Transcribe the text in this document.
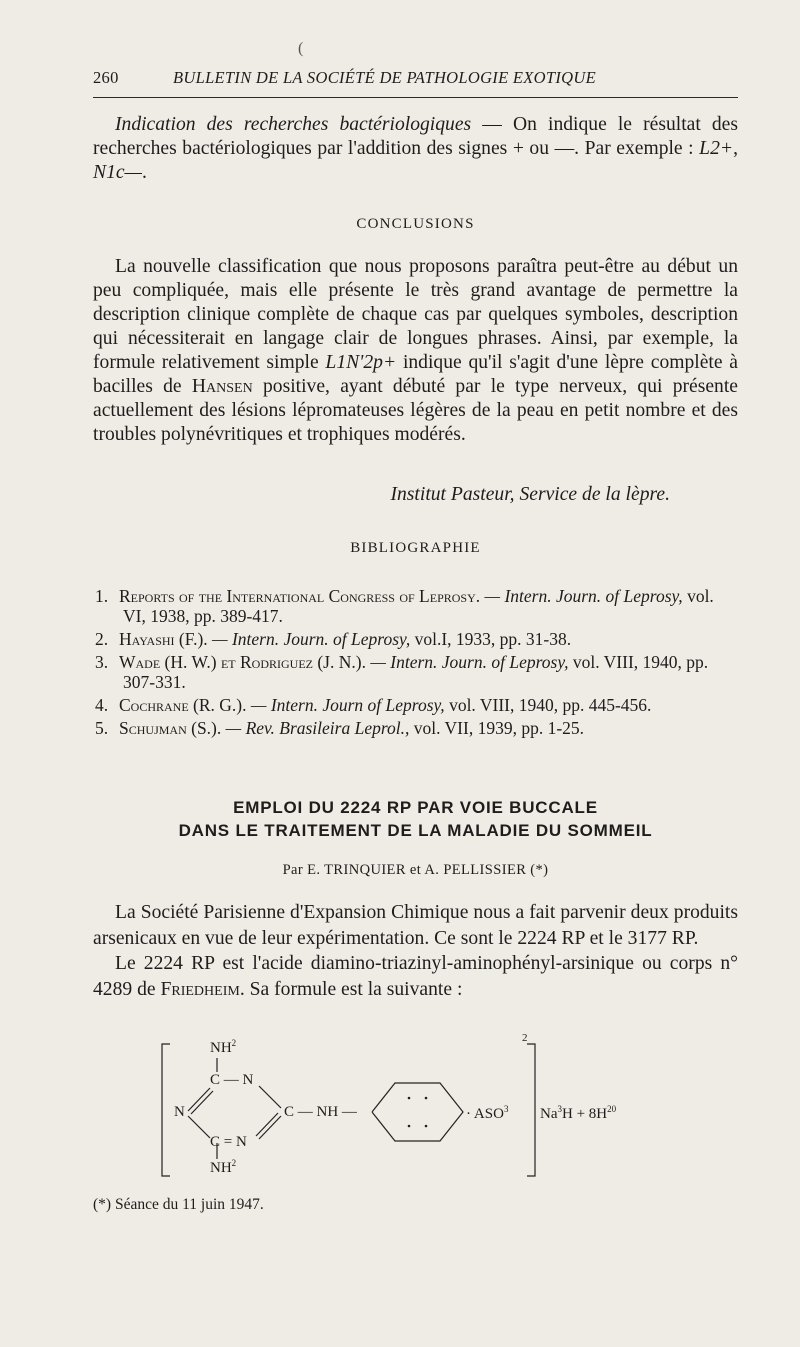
(
260	BULLETIN DE LA SOCIÉTÉ DE PATHOLOGIE EXOTIQUE

Indication des recherches bactériologiques — On indique le résultat des recherches bactériologiques par l'addition des signes + ou —. Par exemple : L2+, N1c—.

CONCLUSIONS

La nouvelle classification que nous proposons paraîtra peut-être au début un peu compliquée, mais elle présente le très grand avantage de permettre la description clinique complète de chaque cas par quelques symboles, description qui nécessiterait en langage clair de longues phrases. Ainsi, par exemple, la formule relativement simple L1N'2p+ indique qu'il s'agit d'une lèpre complète à bacilles de Hansen positive, ayant débuté par le type nerveux, qui présente actuellement des lésions lépromateuses légères de la peau en petit nombre et des troubles polynévritiques et trophiques modérés.

Institut Pasteur, Service de la lèpre.

BIBLIOGRAPHIE

1. Reports of the International Congress of Leprosy. — Intern. Journ. of Leprosy, vol. VI, 1938, pp. 389-417.
2. Hayashi (F.). — Intern. Journ. of Leprosy, vol.I, 1933, pp. 31-38.
3. Wade (H. W.) et Rodriguez (J. N.). — Intern. Journ. of Leprosy, vol. VIII, 1940, pp. 307-331.
4. Cochrane (R. G.). — Intern. Journ of Leprosy, vol. VIII, 1940, pp. 445-456.
5. Schujman (S.). — Rev. Brasileira Leprol., vol. VII, 1939, pp. 1-25.

EMPLOI DU 2224 RP PAR VOIE BUCCALE

DANS LE TRAITEMENT DE LA MALADIE DU SOMMEIL

Par E. TRINQUIER et A. PELLISSIER (*)

La Société Parisienne d'Expansion Chimique nous a fait parvenir deux produits arsenicaux en vue de leur expérimentation. Ce sont le 2224 RP et le 3177 RP.

Le 2224 RP est l'acide diamino-triazinyl-aminophényl-arsinique ou corps n° 4289 de Friedheim. Sa formule est la suivante :

$NH^2$
C — N
N	C — NH —	· $ASO^3$
C = N
$NH^2$
2
$Na^3H + 8H^{20}$
(*) Séance du 11 juin 1947.
